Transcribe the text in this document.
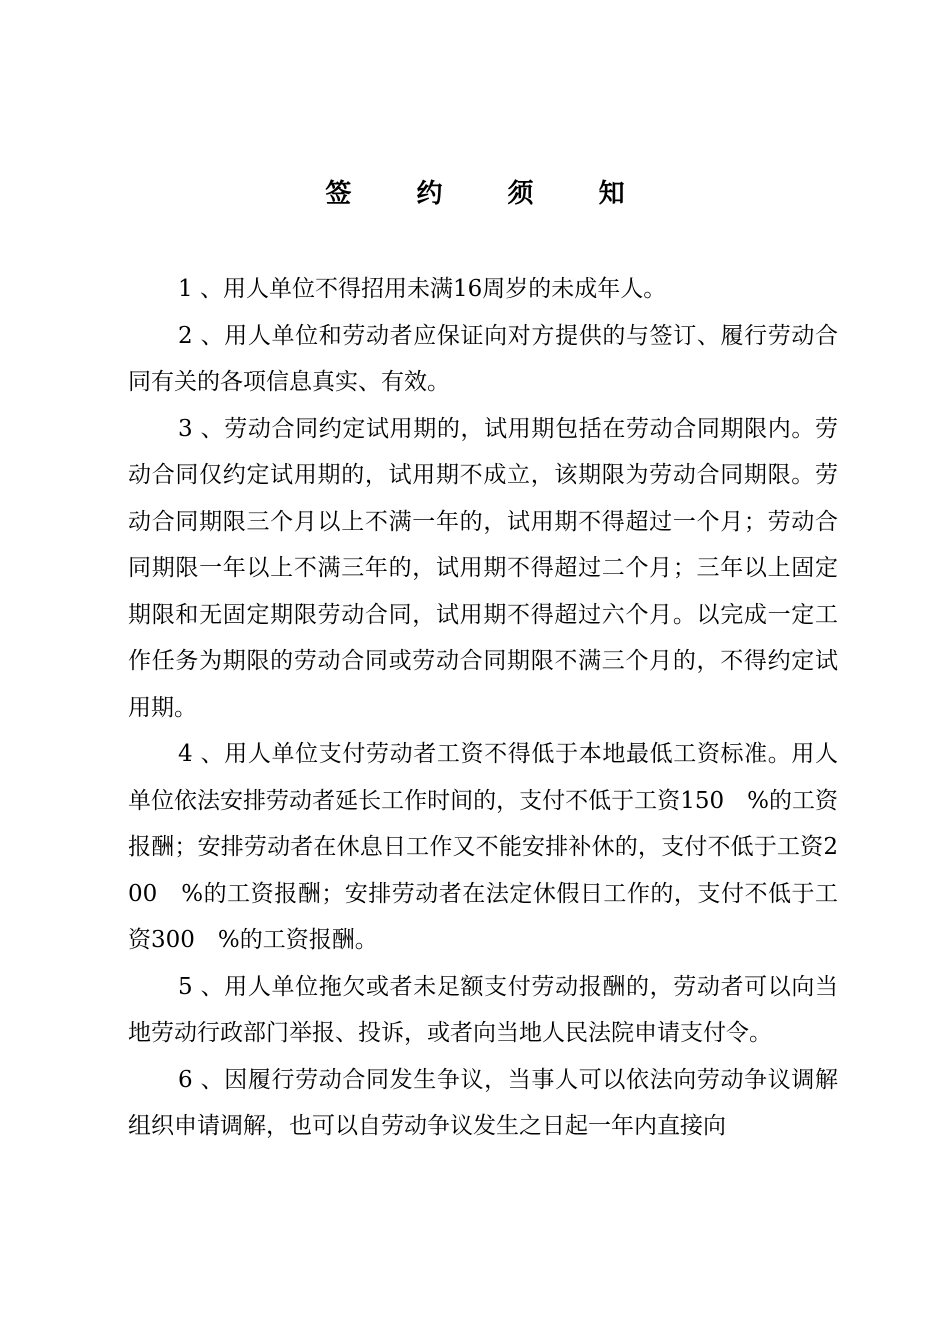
签 约 须 知

1 、用人单位不得招用未满16周岁的未成年人。

2 、用人单位和劳动者应保证向对方提供的与签订、履行劳动合同有关的各项信息真实、有效。

3 、劳动合同约定试用期的，试用期包括在劳动合同期限内。劳动合同仅约定试用期的，试用期不成立，该期限为劳动合同期限。劳动合同期限三个月以上不满一年的，试用期不得超过一个月；劳动合同期限一年以上不满三年的，试用期不得超过二个月；三年以上固定期限和无固定期限劳动合同，试用期不得超过六个月。以完成一定工作任务为期限的劳动合同或劳动合同期限不满三个月的，不得约定试用期。

4 、用人单位支付劳动者工资不得低于本地最低工资标准。用人单位依法安排劳动者延长工作时间的，支付不低于工资150　%的工资报酬；安排劳动者在休息日工作又不能安排补休的，支付不低于工资200　%的工资报酬；安排劳动者在法定休假日工作的，支付不低于工资300　%的工资报酬。

5 、用人单位拖欠或者未足额支付劳动报酬的，劳动者可以向当地劳动行政部门举报、投诉，或者向当地人民法院申请支付令。

6 、因履行劳动合同发生争议，当事人可以依法向劳动争议调解组织申请调解，也可以自劳动争议发生之日起一年内直接向
